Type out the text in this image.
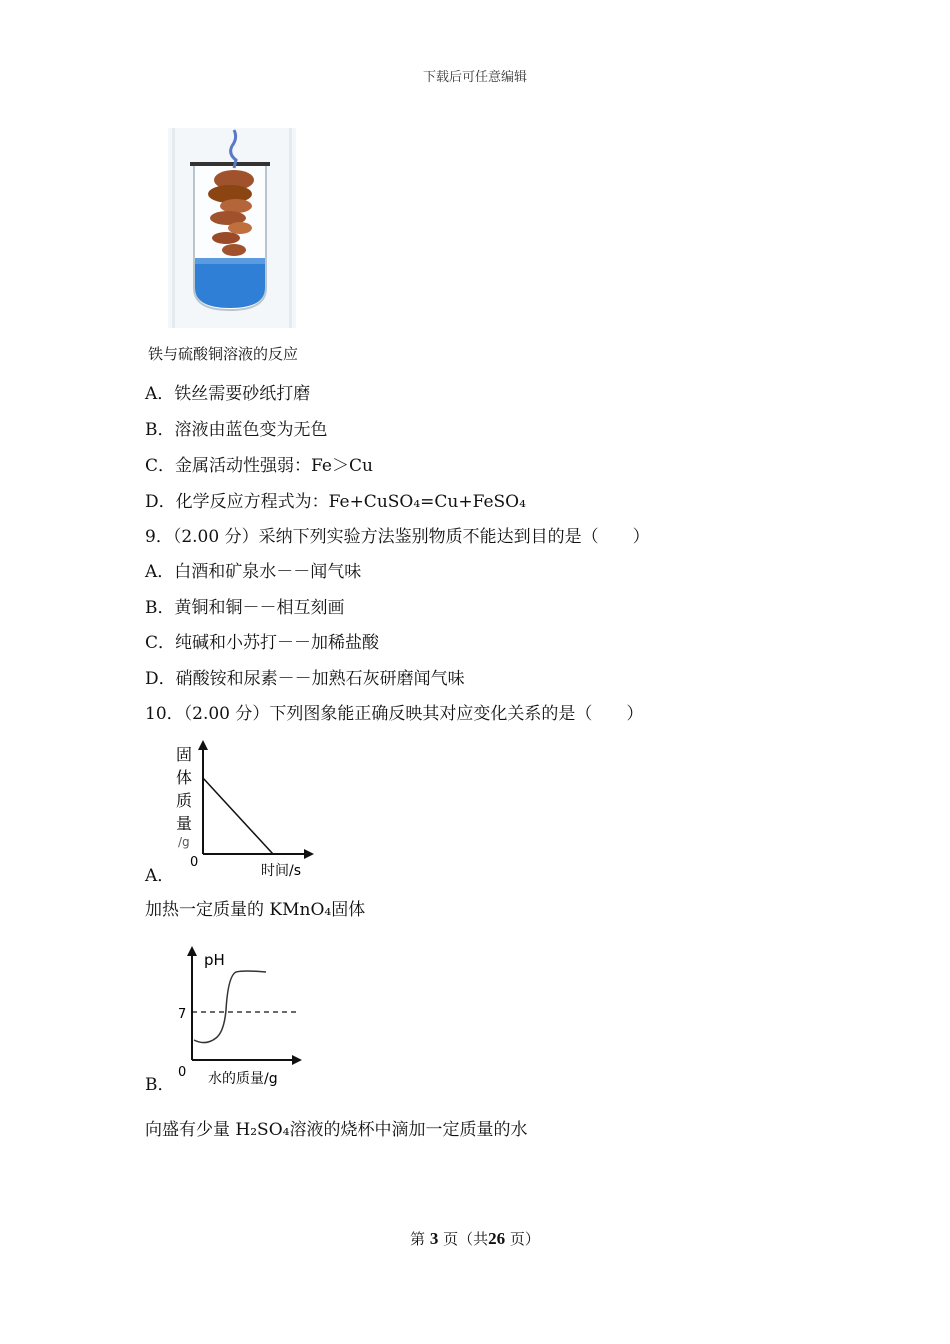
下载后可任意编辑
铁与硫酸铜溶液的反应
A．铁丝需要砂纸打磨
B．溶液由蓝色变为无色
C．金属活动性强弱：Fe＞Cu
D．化学反应方程式为：Fe+CuSO₄=Cu+FeSO₄
9．（2.00 分）采纳下列实验方法鉴别物质不能达到目的是（　　）
A．白酒和矿泉水－－闻气味
B．黄铜和铜－－相互刻画
C．纯碱和小苏打－－加稀盐酸
D．硝酸铵和尿素－－加熟石灰研磨闻气味
10．（2.00 分）下列图象能正确反映其对应变化关系的是（　　）
固
体
质
量
/g
0
时间/s
A．
加热一定质量的 KMnO₄固体
pH
7
0 水的质量/g
B．
向盛有少量 H₂SO₄溶液的烧杯中滴加一定质量的水
第 3 页（共26 页）
